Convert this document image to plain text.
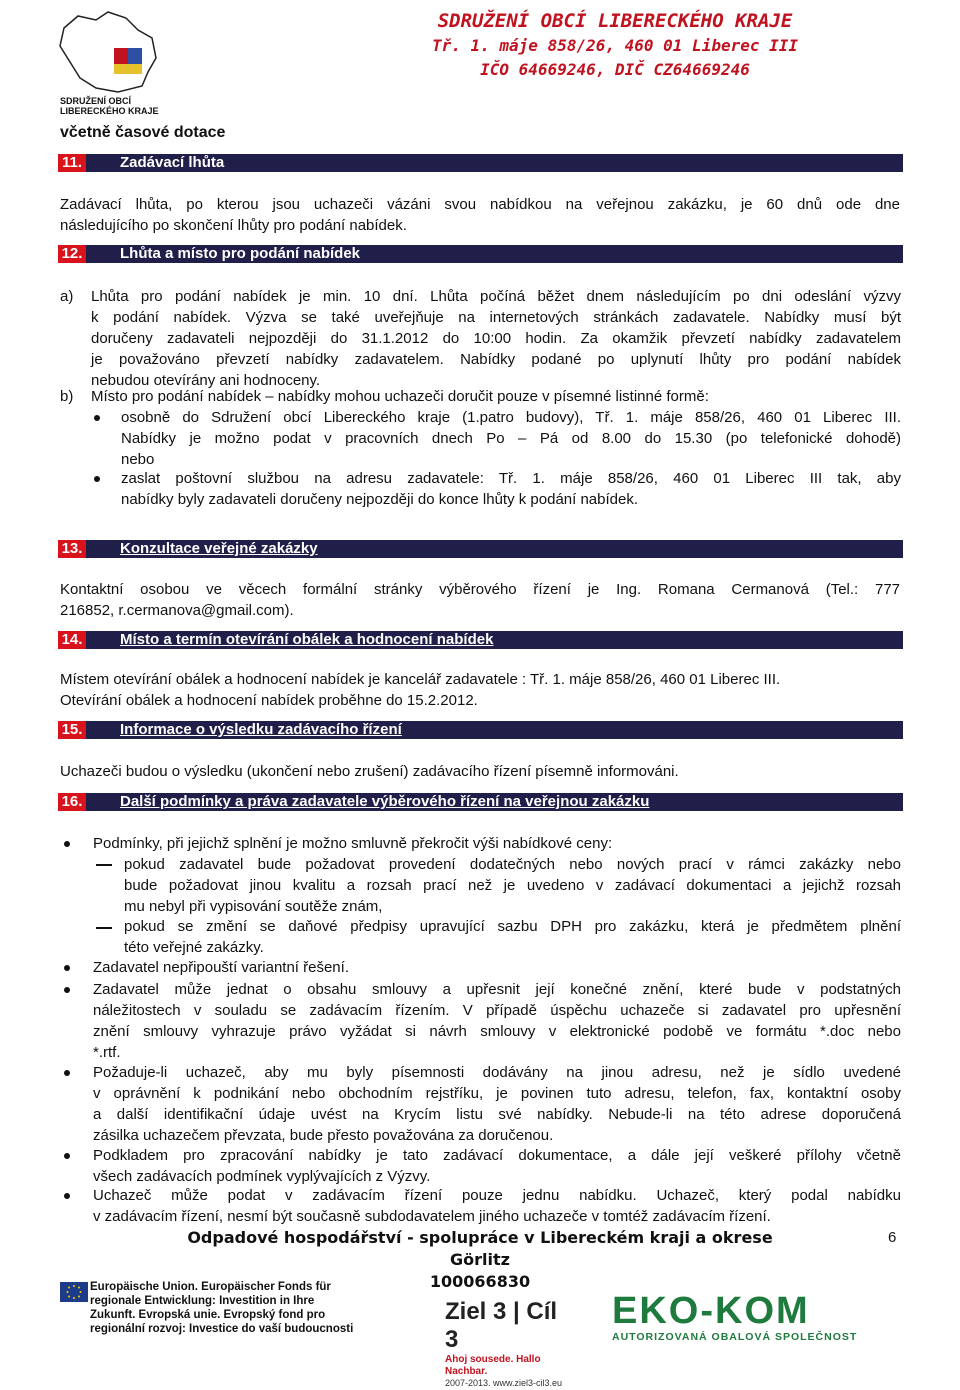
SDRUŽENÍ OBCÍ
LIBERECKÉHO KRAJE
SDRUŽENÍ OBCÍ LIBERECKÉHO KRAJE
Tř. 1. máje 858/26, 460 01 Liberec III
IČO 64669246, DIČ CZ64669246
včetně časové dotace
11.	Zadávací lhůta
Zadávací lhůta, po kterou jsou uchazeči vázáni svou nabídkou na veřejnou zakázku, je 60 dnů ode dne
následujícího po skončení lhůty pro podání nabídek.
12.	Lhůta a místo pro podání nabídek
a) Lhůta pro podání nabídek je min. 10 dní. Lhůta počíná běžet dnem následujícím po dni odeslání výzvy
k podání nabídek. Výzva se také uveřejňuje na internetových stránkách zadavatele. Nabídky musí být
doručeny zadavateli nejpozději do 31.1.2012 do 10:00 hodin. Za okamžik převzetí nabídky zadavatelem
je považováno převzetí nabídky zadavatelem. Nabídky podané po uplynutí lhůty pro podání nabídek
nebudou otevírány ani hodnoceny.
b) Místo pro podání nabídek – nabídky mohou uchazeči doručit pouze v písemné listinné formě:
osobně do Sdružení obcí Libereckého kraje (1.patro budovy), Tř. 1. máje 858/26, 460 01 Liberec III.
Nabídky je možno podat v pracovních dnech Po – Pá od 8.00 do 15.30 (po telefonické dohodě)
nebo
zaslat poštovní službou na adresu zadavatele: Tř. 1. máje 858/26, 460 01 Liberec III tak, aby
nabídky byly zadavateli doručeny nejpozději do konce lhůty k podání nabídek.
13.	Konzultace veřejné zakázky
Kontaktní osobou ve věcech formální stránky výběrového řízení je Ing. Romana Cermanová (Tel.: 777
216852, r.cermanova@gmail.com).
14.	Místo a termín otevírání obálek a hodnocení nabídek
Místem otevírání obálek a hodnocení nabídek je kancelář zadavatele : Tř. 1. máje 858/26, 460 01 Liberec III.
Otevírání obálek a hodnocení nabídek proběhne do 15.2.2012.
15.	Informace o výsledku zadávacího řízení
Uchazeči budou o výsledku (ukončení nebo zrušení) zadávacího řízení písemně informováni.
16.	Další podmínky a práva zadavatele výběrového řízení na veřejnou zakázku
Podmínky, při jejichž splnění je možno smluvně překročit výši nabídkové ceny:
pokud zadavatel bude požadovat provedení dodatečných nebo nových prací v rámci zakázky nebo
bude požadovat jinou kvalitu a rozsah prací než je uvedeno v zadávací dokumentaci a jejichž rozsah
mu nebyl při vypisování soutěže znám,
pokud se změní se daňové předpisy upravující sazbu DPH pro zakázku, která je předmětem plnění
této veřejné zakázky.
Zadavatel nepřipouští variantní řešení.
Zadavatel může jednat o obsahu smlouvy a upřesnit její konečné znění, které bude v podstatných
náležitostech v souladu se zadávacím řízením. V případě úspěchu uchazeče si zadavatel pro upřesnění
znění smlouvy vyhrazuje právo vyžádat si návrh smlouvy v elektronické podobě ve formátu *.doc nebo
*.rtf.
Požaduje-li uchazeč, aby mu byly písemnosti dodávány na jinou adresu, než je sídlo uvedené
v oprávnění k podnikání nebo obchodním rejstříku, je povinen tuto adresu, telefon, fax, kontaktní osoby
a další identifikační údaje uvést na Krycím listu své nabídky. Nebude-li na této adrese doporučená
zásilka uchazečem převzata, bude přesto považována za doručenou.
Podkladem pro zpracování nabídky je tato zadávací dokumentace, a dále její veškeré přílohy včetně
všech zadávacích podmínek vyplývajících z Výzvy.
Uchazeč může podat v zadávacím řízení pouze jednu nabídku. Uchazeč, který podal nabídku
v zadávacím řízení, nesmí být současně subdodavatelem jiného uchazeče v tomtéž zadávacím řízení.
Odpadové hospodářství - spolupráce v Libereckém kraji a okrese Görlitz
100066830
6
Europäische Union. Europäischer Fonds für
regionale Entwicklung: Investition in Ihre
Zukunft. Evropská unie. Evropský fond pro
regionální rozvoj: Investice do vaší budoucnosti
Ziel 3 | Cíl 3
Ahoj sousede. Hallo Nachbar.
2007-2013. www.ziel3-cil3.eu
EKO-KOM
AUTORIZOVANÁ OBALOVÁ SPOLEČNOST
